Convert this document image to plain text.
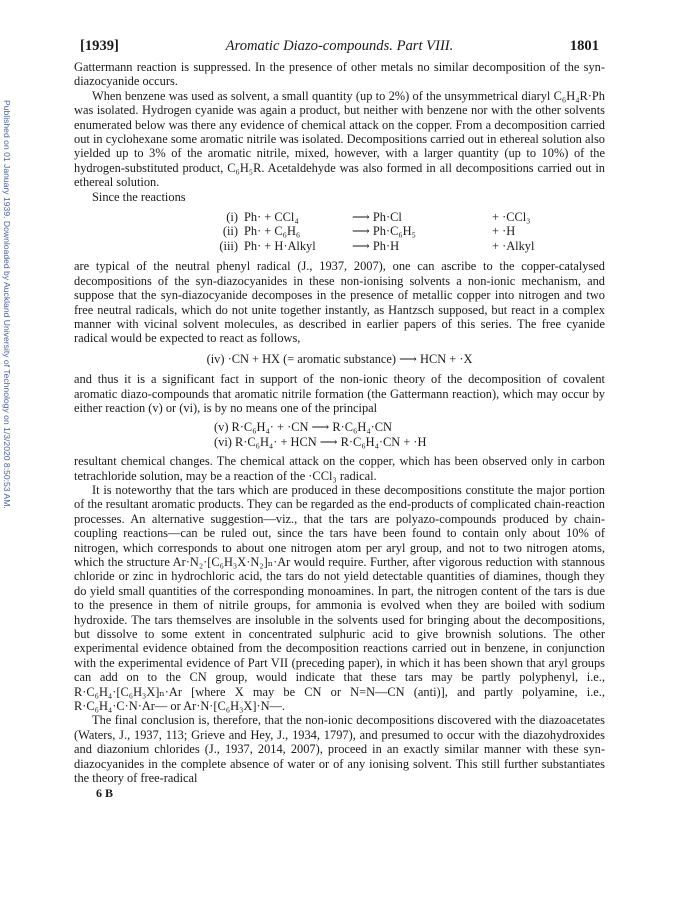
Published on 01 January 1939. Downloaded by Auckland University of Technology on 1/3/2020 8:50:53 AM.
[1939]	Aromatic Diazo-compounds. Part VIII.	1801

Gattermann reaction is suppressed. In the presence of other metals no similar decomposition of the syn-diazocyanide occurs.

When benzene was used as solvent, a small quantity (up to 2%) of the unsymmetrical diaryl C₆H₄R·Ph was isolated. Hydrogen cyanide was again a product, but neither with benzene nor with the other solvents enumerated below was there any evidence of chemical attack on the copper. From a decomposition carried out in cyclohexane some aromatic nitrile was isolated. Decompositions carried out in ethereal solution also yielded up to 3% of the aromatic nitrile, mixed, however, with a larger quantity (up to 10%) of the hydrogen-substituted product, C₆H₅R. Acetaldehyde was also formed in all decompositions carried out in ethereal solution.

Since the reactions

(i) Ph· + CCl₄	⟶ Ph·Cl	+ ·CCl₃
(ii) Ph· + C₆H₆	⟶ Ph·C₆H₅	+ ·H
(iii) Ph· + H·Alkyl	⟶ Ph·H	+ ·Alkyl

are typical of the neutral phenyl radical (J., 1937, 2007), one can ascribe to the copper-catalysed decompositions of the syn-diazocyanides in these non-ionising solvents a non-ionic mechanism, and suppose that the syn-diazocyanide decomposes in the presence of metallic copper into nitrogen and two free neutral radicals, which do not unite together instantly, as Hantzsch supposed, but react in a complex manner with vicinal solvent molecules, as described in earlier papers of this series. The free cyanide radical would be expected to react as follows,

(iv) ·CN + HX (= aromatic substance) ⟶ HCN + ·X

and thus it is a significant fact in support of the non-ionic theory of the decomposition of covalent aromatic diazo-compounds that aromatic nitrile formation (the Gattermann reaction), which may occur by either reaction (v) or (vi), is by no means one of the principal

(v) R·C₆H₄· + ·CN ⟶ R·C₆H₄·CN
(vi) R·C₆H₄· + HCN ⟶ R·C₆H₄·CN + ·H

resultant chemical changes. The chemical attack on the copper, which has been observed only in carbon tetrachloride solution, may be a reaction of the ·CCl₃ radical.

It is noteworthy that the tars which are produced in these decompositions constitute the major portion of the resultant aromatic products. They can be regarded as the end-products of complicated chain-reaction processes. An alternative suggestion—viz., that the tars are polyazo-compounds produced by chain-coupling reactions—can be ruled out, since the tars have been found to contain only about 10% of nitrogen, which corresponds to about one nitrogen atom per aryl group, and not to two nitrogen atoms, which the structure Ar·N₂·[C₆H₃X·N₂]ₙ·Ar would require. Further, after vigorous reduction with stannous chloride or zinc in hydrochloric acid, the tars do not yield detectable quantities of diamines, though they do yield small quantities of the corresponding monoamines. In part, the nitrogen content of the tars is due to the presence in them of nitrile groups, for ammonia is evolved when they are boiled with sodium hydroxide. The tars themselves are insoluble in the solvents used for bringing about the decompositions, but dissolve to some extent in concentrated sulphuric acid to give brownish solutions. The other experimental evidence obtained from the decomposition reactions carried out in benzene, in conjunction with the experimental evidence of Part VII (preceding paper), in which it has been shown that aryl groups can add on to the CN group, would indicate that these tars may be partly polyphenyl, i.e., R·C₆H₄·[C₆H₃X]ₙ·Ar [where X may be CN or N=N—CN (anti)], and partly polyamine, i.e., R·C₆H₄·C·N·Ar— or Ar·N·[C₆H₃X]·N—.

The final conclusion is, therefore, that the non-ionic decompositions discovered with the diazoacetates (Waters, J., 1937, 113; Grieve and Hey, J., 1934, 1797), and presumed to occur with the diazohydroxides and diazonium chlorides (J., 1937, 2014, 2007), proceed in an exactly similar manner with these syn-diazocyanides in the complete absence of water or of any ionising solvent. This still further substantiates the theory of free-radical

6 B
